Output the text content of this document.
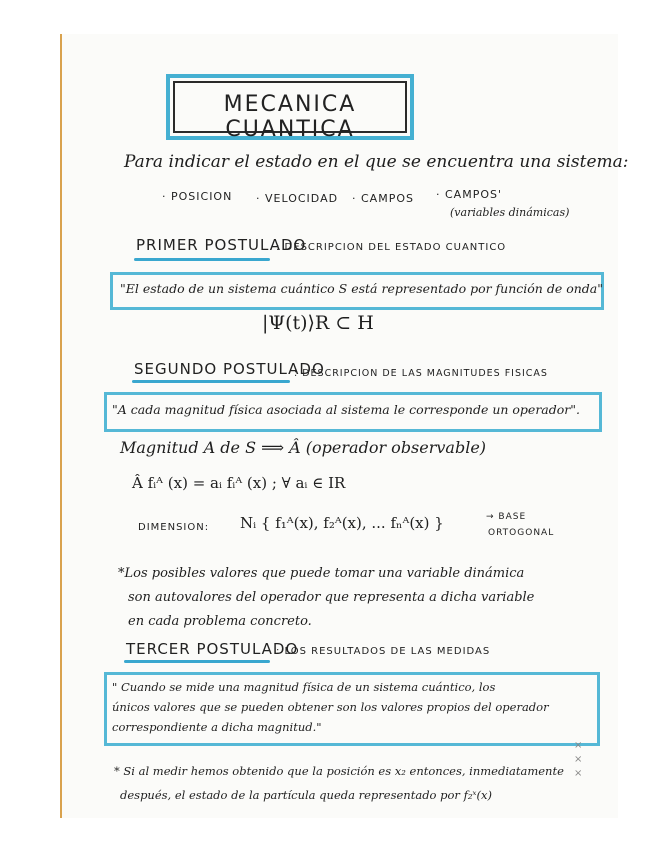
MECANICA CUANTICA
Para indicar el estado en el que se encuentra una sistema:
· POSICION · VELOCIDAD · CAMPOS · CAMPOS'
(variables dinámicas)
PRIMER POSTULADO
: DESCRIPCION DEL ESTADO CUANTICO
"El estado de un sistema cuántico S está representado por función de onda"
|Ψ(t)⟩R ⊂ H
SEGUNDO POSTULADO
: DESCRIPCION DE LAS MAGNITUDES FISICAS
"A cada magnitud física asociada al sistema le corresponde un operador".
Magnitud A de S ⟹ Â (operador observable)
Â fᵢᴬ (x) = aᵢ fᵢᴬ (x) ; ∀ aᵢ ∈ IR
DIMENSION: Nᵢ { f₁ᴬ(x), f₂ᴬ(x), ... fₙᴬ(x) }	→ BASE
ORTOGONAL
*Los posibles valores que puede tomar una variable dinámica
son autovalores del operador que representa a dicha variable
en cada problema concreto.
TERCER POSTULADO
: LOS RESULTADOS DE LAS MEDIDAS
" Cuando se mide una magnitud física de un sistema cuántico, los
únicos valores que se pueden obtener son los valores propios del operador
correspondiente a dicha magnitud."
×
×
×
* Si al medir hemos obtenido que la posición es x₂ entonces, inmediatamente
después, el estado de la partícula queda representado por f₂ˣ(x)
